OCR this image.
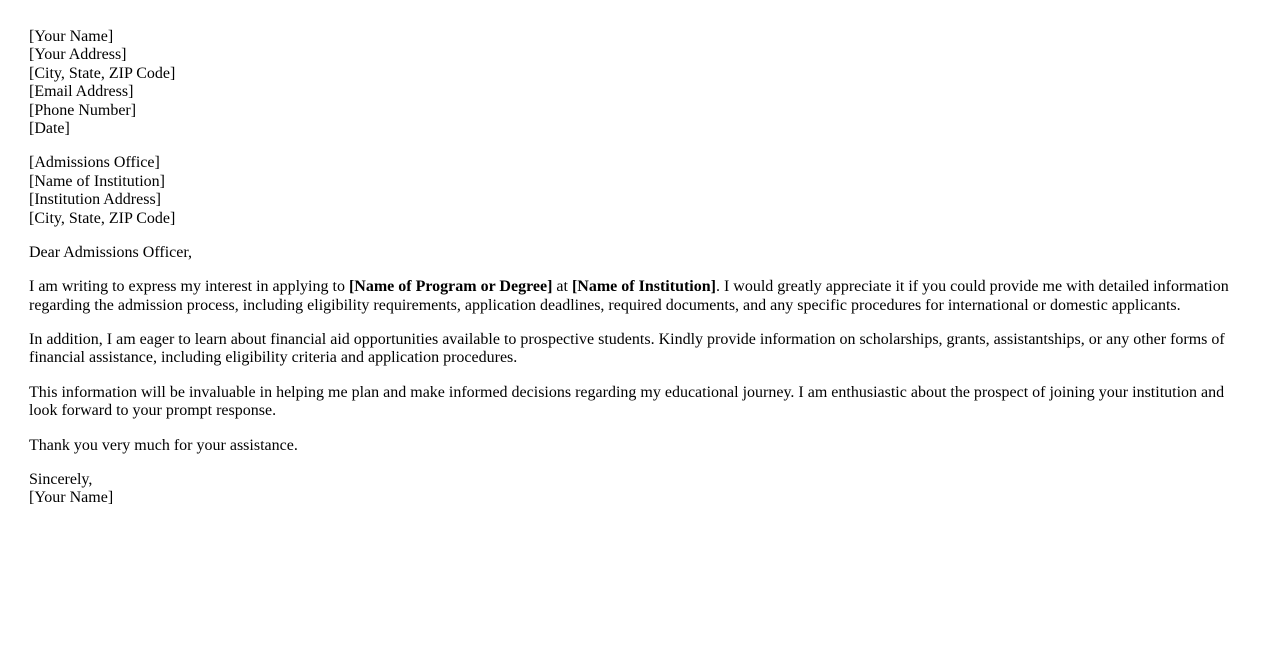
[Your Name]
[Your Address]
[City, State, ZIP Code]
[Email Address]
[Phone Number]
[Date]

[Admissions Office]
[Name of Institution]
[Institution Address]
[City, State, ZIP Code]

Dear Admissions Officer,

I am writing to express my interest in applying to [Name of Program or Degree] at [Name of Institution]. I would greatly appreciate it if you could provide me with detailed information regarding the admission process, including eligibility requirements, application deadlines, required documents, and any specific procedures for international or domestic applicants.

In addition, I am eager to learn about financial aid opportunities available to prospective students. Kindly provide information on scholarships, grants, assistantships, or any other forms of financial assistance, including eligibility criteria and application procedures.

This information will be invaluable in helping me plan and make informed decisions regarding my educational journey. I am enthusiastic about the prospect of joining your institution and look forward to your prompt response.

Thank you very much for your assistance.

Sincerely,
[Your Name]
